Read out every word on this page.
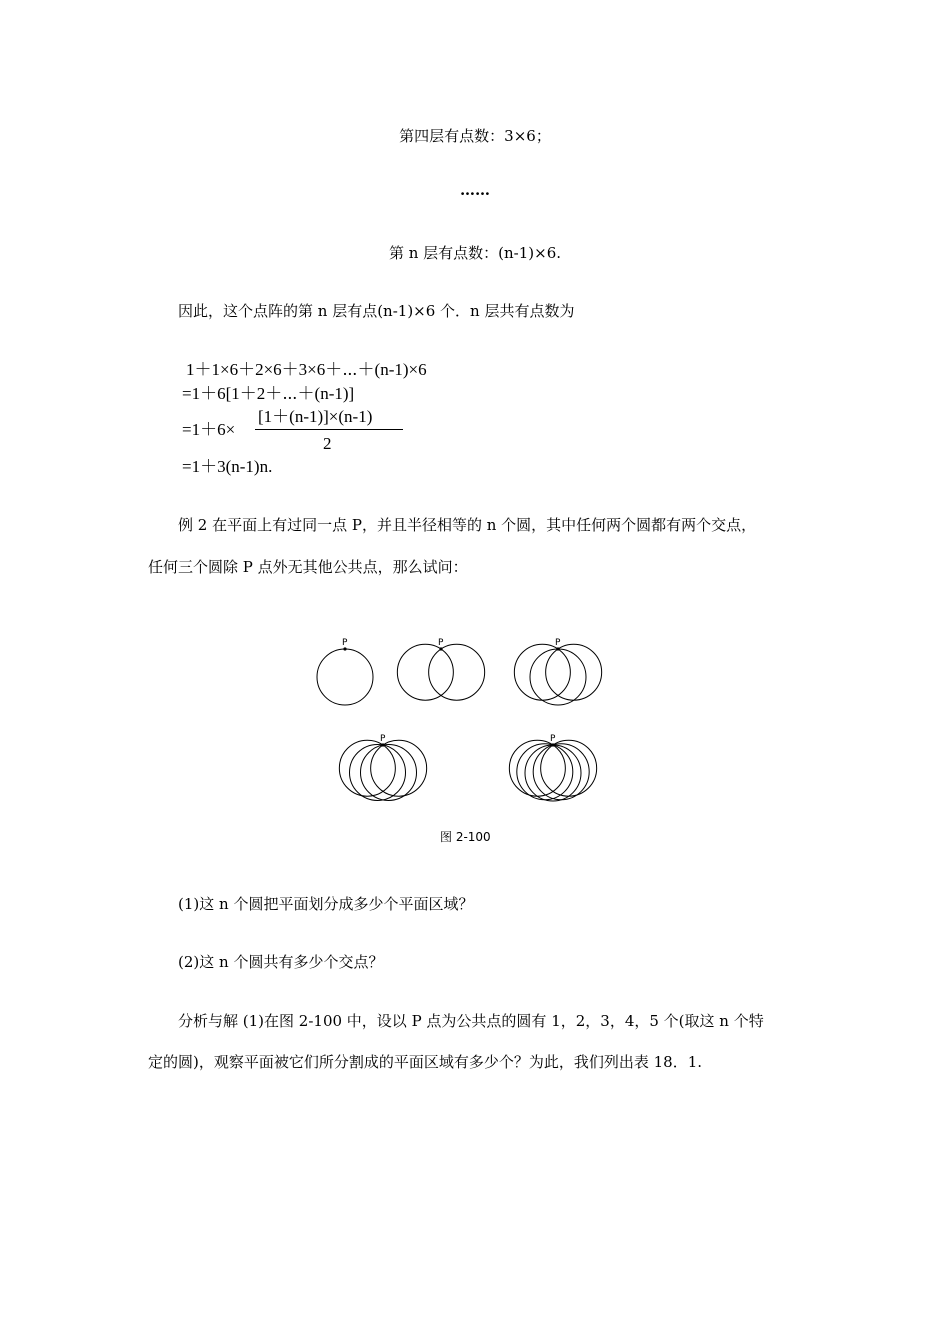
第四层有点数：3×6；
……
第 n 层有点数：(n-1)×6.
因此，这个点阵的第 n 层有点(n-1)×6 个．n 层共有点数为
1＋1×6＋2×6＋3×6＋⋯＋(n-1)×6
=1＋6[1＋2＋⋯＋(n-1)]
=1＋6×
[1＋(n-1)]×(n-1)
2
=1＋3(n-1)n.
例 2 在平面上有过同一点 P，并且半径相等的 n 个圆，其中任何两个圆都有两个交点，
任何三个圆除 P 点外无其他公共点，那么试问：
P	P	P
P	P
图 2-100
(1)这 n 个圆把平面划分成多少个平面区域？
(2)这 n 个圆共有多少个交点？
分析与解 (1)在图 2-100 中，设以 P 点为公共点的圆有 1，2，3，4，5 个(取这 n 个特
定的圆)，观察平面被它们所分割成的平面区域有多少个？为此，我们列出表 18．1.
